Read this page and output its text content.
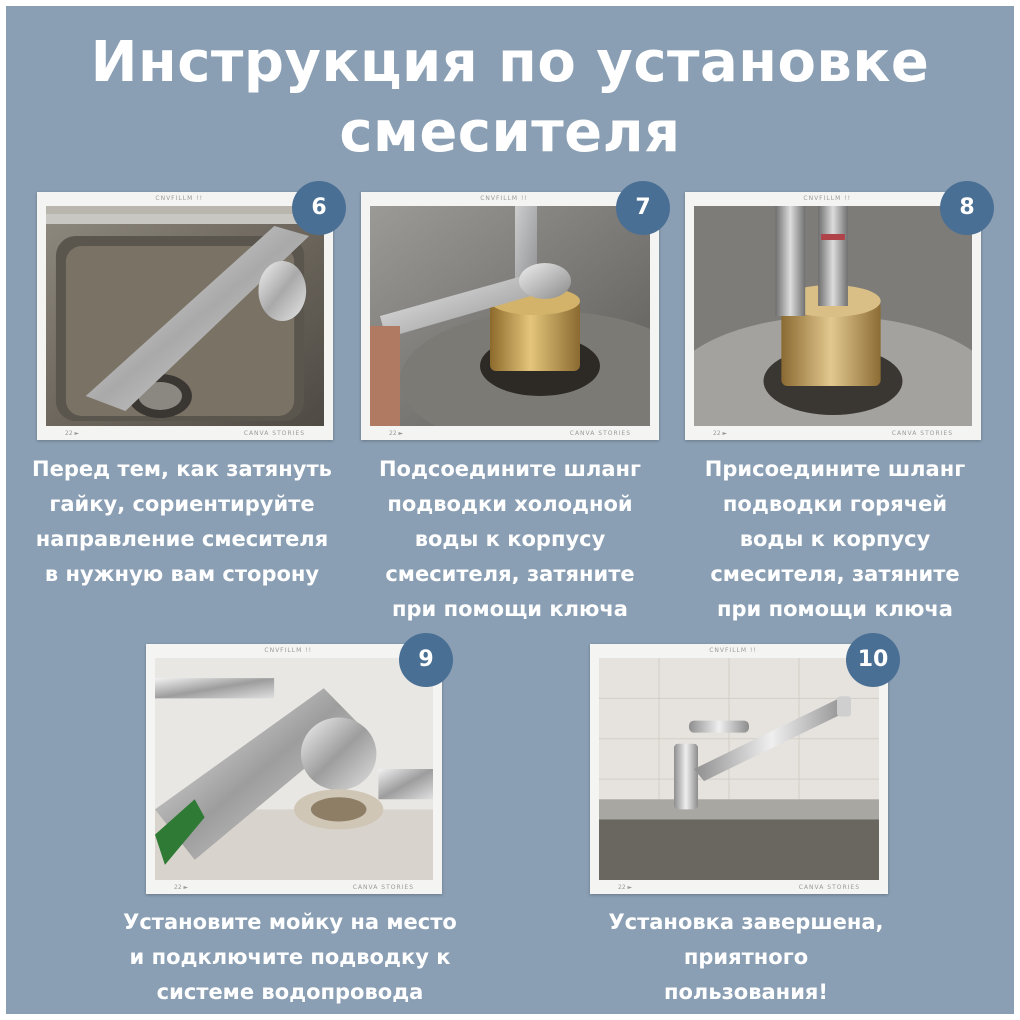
Инструкция по установке
смесителя
CNVFILLM !!
22 ►	CANVA STORIES
6
Перед тем, как затянуть
гайку, сориентируйте
направление смесителя
в нужную вам сторону
CNVFILLM !!
22 ►	CANVA STORIES
7
Подсоедините шланг
подводки холодной
воды к корпусу
смесителя, затяните
при помощи ключа
CNVFILLM !!
22 ►	CANVA STORIES
8
Присоедините шланг
подводки горячей
воды к корпусу
смесителя, затяните
при помощи ключа
CNVFILLM !!
22 ►	CANVA STORIES
9
Установите мойку на место
и подключите подводку к
системе водопровода
CNVFILLM !!
22 ►	CANVA STORIES
10
Установка завершена,
приятного
пользования!
